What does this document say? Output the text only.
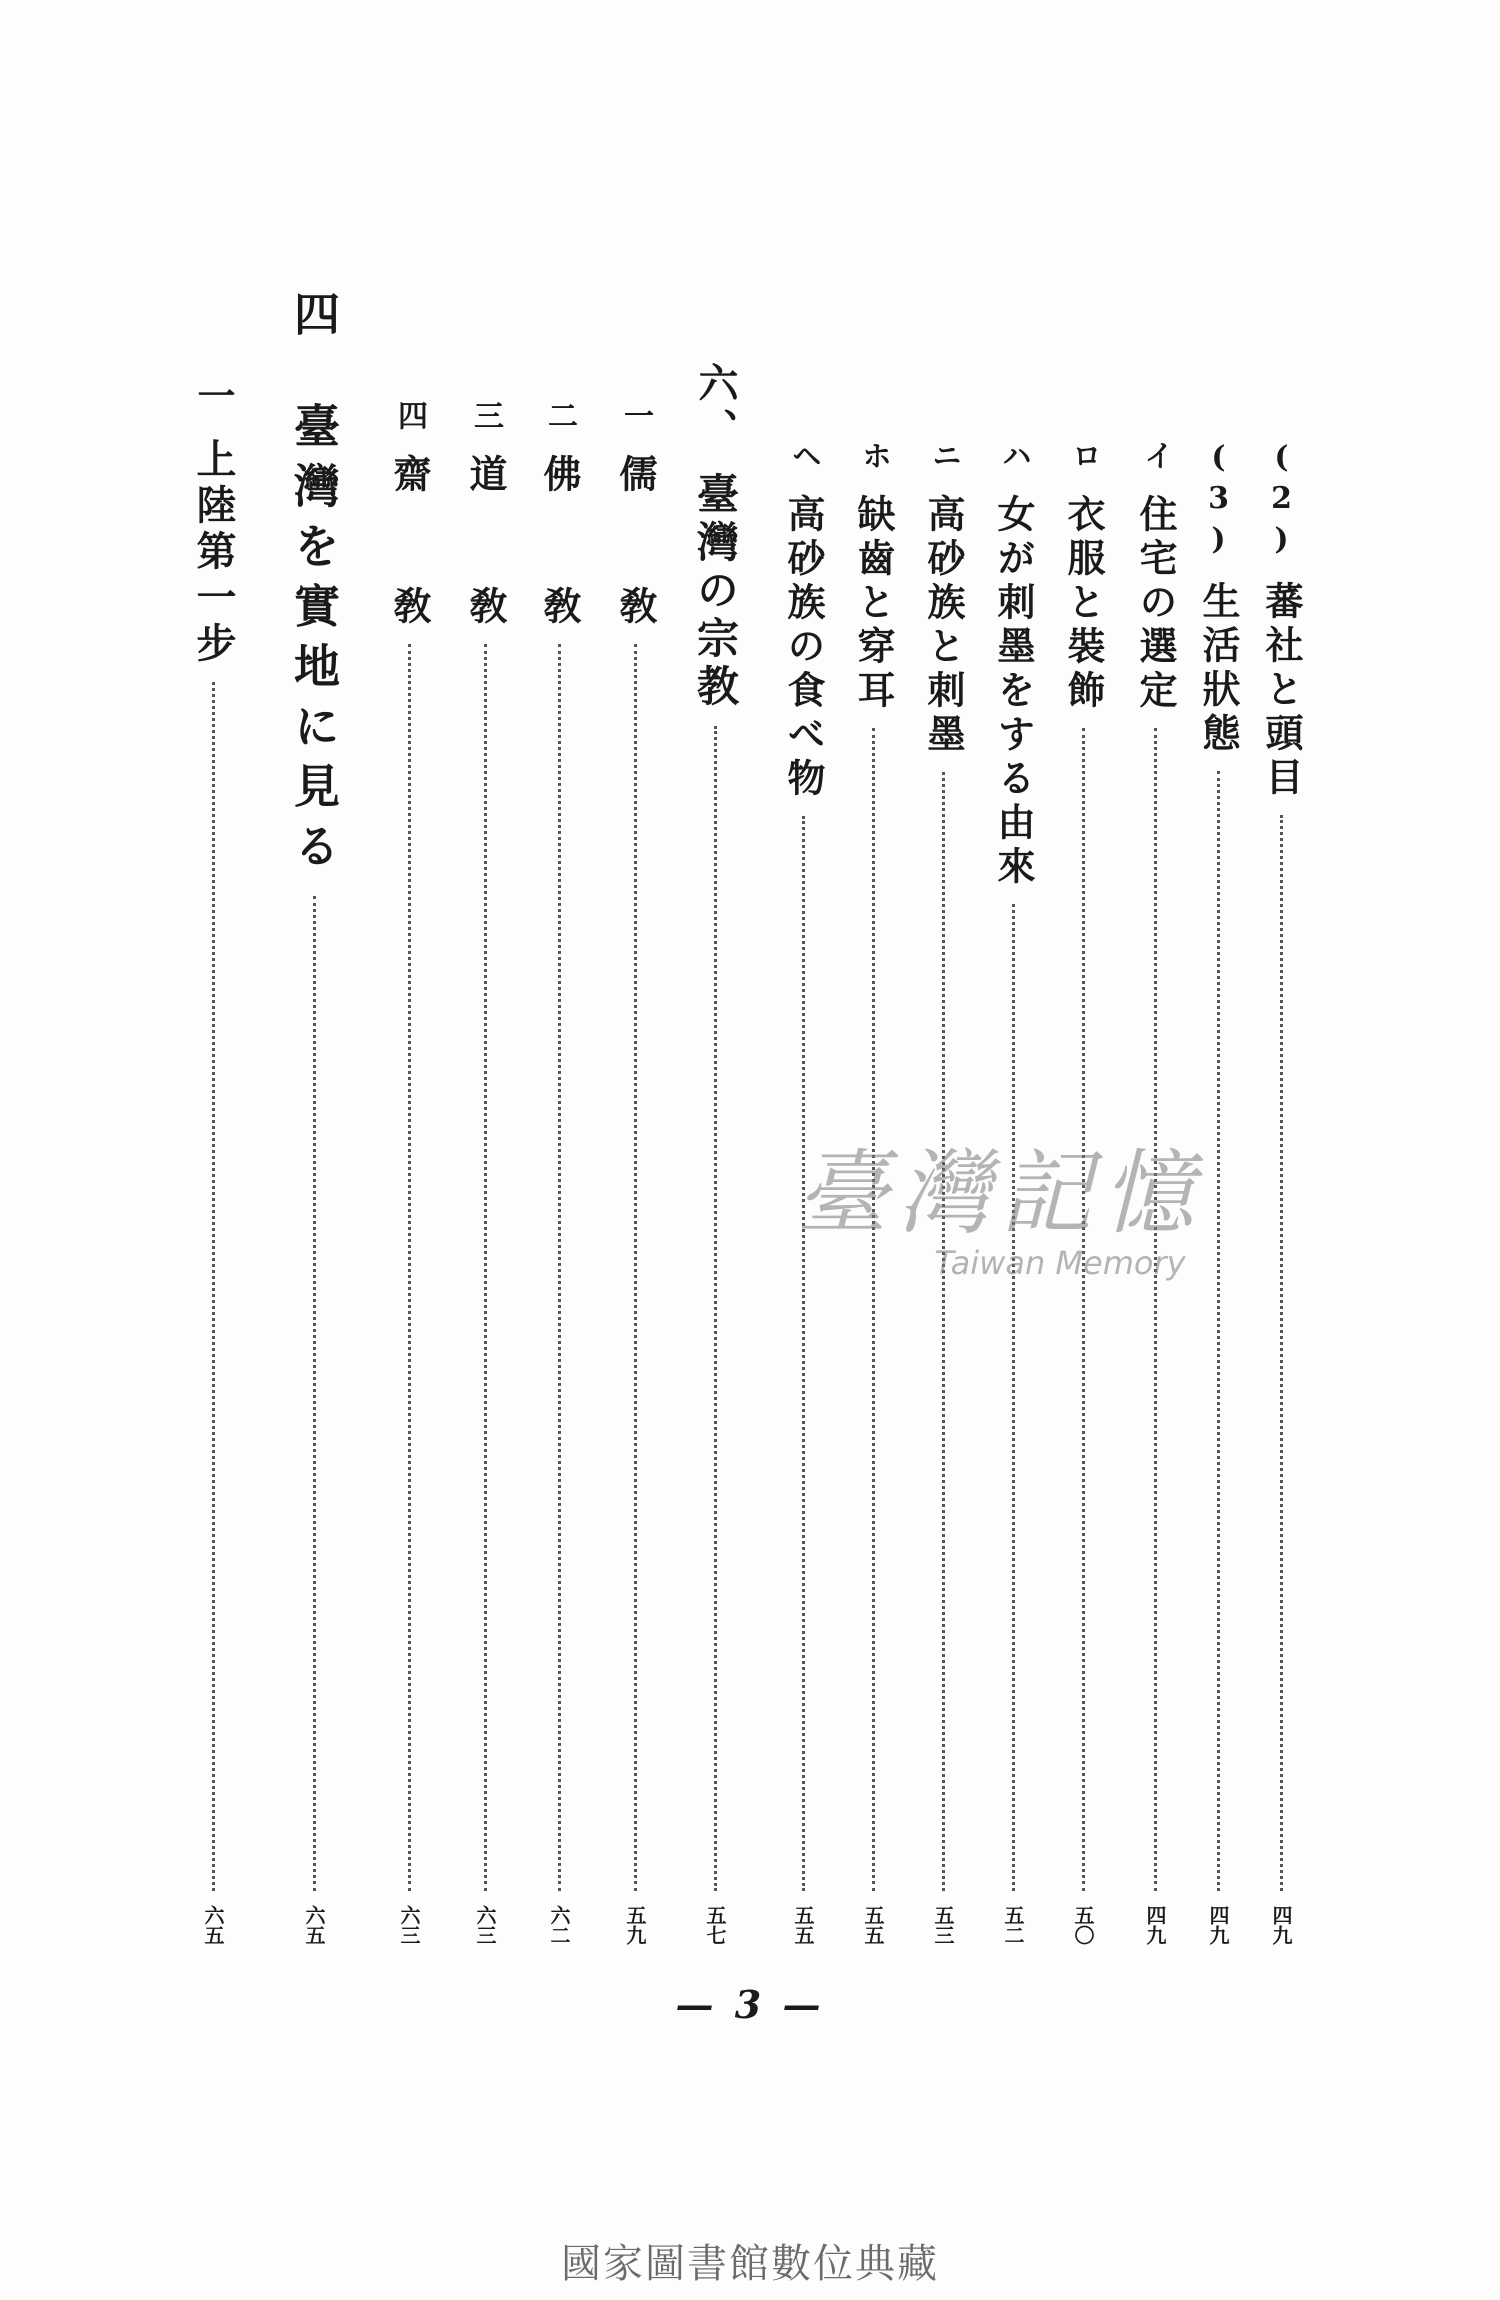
(2)
蕃社と頭目
四九
(3)
生活狀態
四九
イ
住宅の選定
四九
ロ
衣服と裝飾
五〇
ハ
女が刺墨をする由來
五二
ニ
高砂族と刺墨
五三
ホ
缺齒と穿耳
五五
ヘ
高砂族の食べ物
五五
六、
臺灣の宗教
五七
一
儒　　敎
五九
二
佛　　敎
六二
三
道　　敎
六三
四
齋　　敎
六三
四
臺灣を實地に見る
六五
一
上陸第一步
六五
臺灣記憶
Taiwan Memory
— 3 —
國家圖書館數位典藏
